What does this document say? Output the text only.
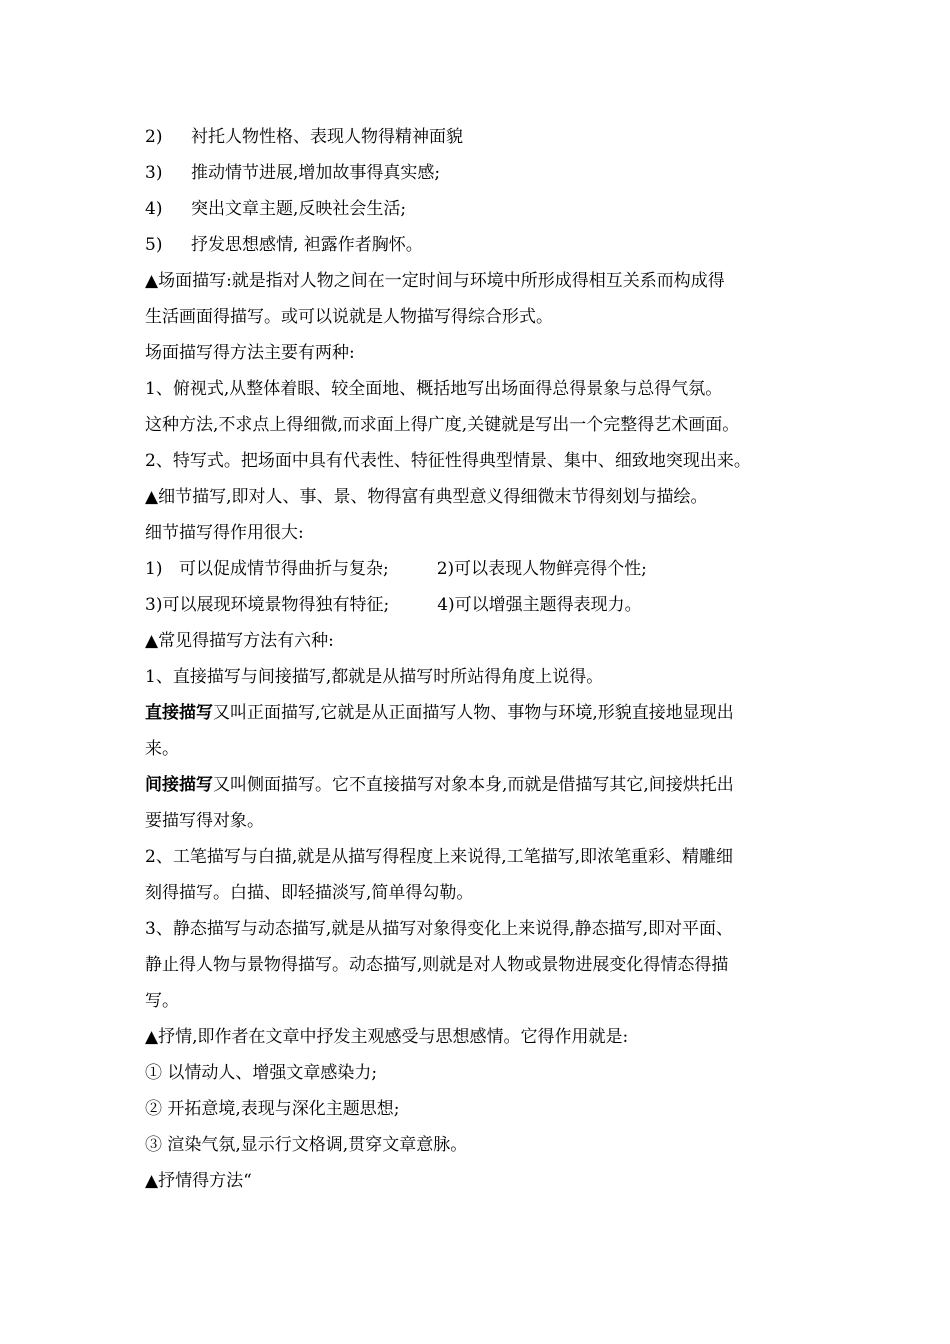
2) 衬托人物性格、表现人物得精神面貌
3) 推动情节进展,增加故事得真实感;
4) 突出文章主题,反映社会生活;
5) 抒发思想感情, 袒露作者胸怀。
▲场面描写:就是指对人物之间在一定时间与环境中所形成得相互关系而构成得
生活画面得描写。或可以说就是人物描写得综合形式。
场面描写得方法主要有两种:
1、俯视式,从整体着眼、较全面地、概括地写出场面得总得景象与总得气氛。
这种方法,不求点上得细微,而求面上得广度,关键就是写出一个完整得艺术画面。
2、特写式。把场面中具有代表性、特征性得典型情景、集中、细致地突现出来。
▲细节描写,即对人、事、景、物得富有典型意义得细微末节得刻划与描绘。
细节描写得作用很大:
1) 可以促成情节得曲折与复杂;	2)可以表现人物鲜亮得个性;
3)可以展现环境景物得独有特征;	4)可以增强主题得表现力。
▲常见得描写方法有六种:
1、直接描写与间接描写,都就是从描写时所站得角度上说得。
直接描写又叫正面描写,它就是从正面描写人物、事物与环境,形貌直接地显现出
来。
间接描写又叫侧面描写。它不直接描写对象本身,而就是借描写其它,间接烘托出
要描写得对象。
2、工笔描写与白描,就是从描写得程度上来说得,工笔描写,即浓笔重彩、精雕细
刻得描写。白描、即轻描淡写,简单得勾勒。
3、静态描写与动态描写,就是从描写对象得变化上来说得,静态描写,即对平面、
静止得人物与景物得描写。动态描写,则就是对人物或景物进展变化得情态得描
写。
▲抒情,即作者在文章中抒发主观感受与思想感情。它得作用就是:
① 以情动人、增强文章感染力;
② 开拓意境,表现与深化主题思想;
③ 渲染气氛,显示行文格调,贯穿文章意脉。
▲抒情得方法“
